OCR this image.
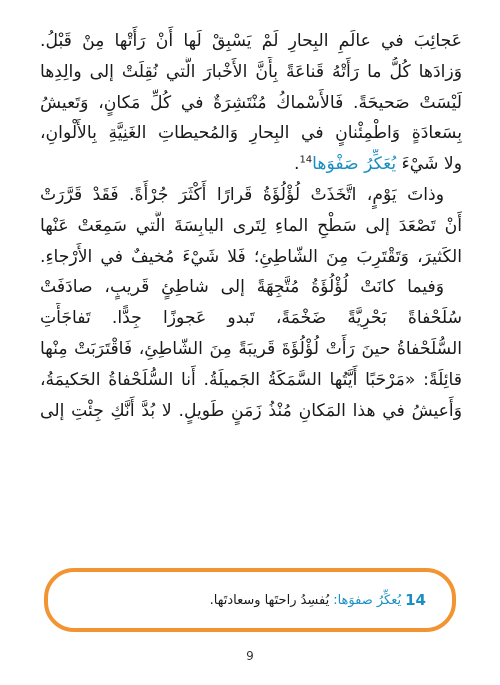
عَجائِبَ في عالَمِ البِحارِ لَمْ يَسْبِقْ لَها أَنْ رَأَتْها مِنْ قَبْلُ.
وَزادَها كُلُّ ما رَأَتْهُ قَناعَةً بِأَنَّ الأَخْبارَ الَّتي نُقِلَتْ إلى والِدِها
لَيْسَتْ صَحيحَةً. فَالأَسْماكُ مُنْتَشِرَةٌ في كُلِّ مَكانٍ، وَتَعيشُ
بِسَعادَةٍ وَاطْمِئْنانٍ في البِحارِ وَالمُحيطاتِ الغَنِيَّةِ بِالأَلْوانِ،
ولا شَيْءَ يُعَكِّرُ صَفْوَها$^{14}$.
وذاتَ يَوْمٍ، اتَّخَذَتْ لُؤْلُؤَةُ قَرارًا أَكْثَرَ جُرْأَةً. فَقَدْ قَرَّرَتْ
أَنْ تَصْعَدَ إلى سَطْحِ الماءِ لِتَرى اليابِسَةَ الَّتي سَمِعَتْ عَنْها
الكَثيرَ، وَتَقْتَرِبَ مِنَ الشّاطِئِ؛ فَلا شَيْءَ مُخيفٌ في الأَرْجاءِ.
وَفيما كانَتْ لُؤْلُؤَةُ مُتَّجِهَةً إلى شاطِئٍ قَريبٍ، صادَفَتْ
سُلَحْفاةً بَحْرِيَّةً ضَخْمَةً، تَبدو عَجوزًا جِدًّا. تَفاجَأَتِ
السُّلَحْفاةُ حينَ رَأَتْ لُؤْلُؤَةَ قَريبَةً مِنَ الشّاطِئِ، فَاقْتَرَبَتْ مِنْها
قائِلَةً: «مَرْحَبًا أَيَّتُها السَّمَكَةُ الجَميلَةُ. أَنا السُّلَحْفاةُ الحَكيمَةُ،
وَأَعيشُ في هذا المَكانِ مُنْذُ زَمَنٍ طَويلٍ. لا بُدَّ أَنَّكِ جِئْتِ إلى
14
يُعكِّرُ صفوَها:
يُفسِدُ راحتَها وسعادتَها.
9
